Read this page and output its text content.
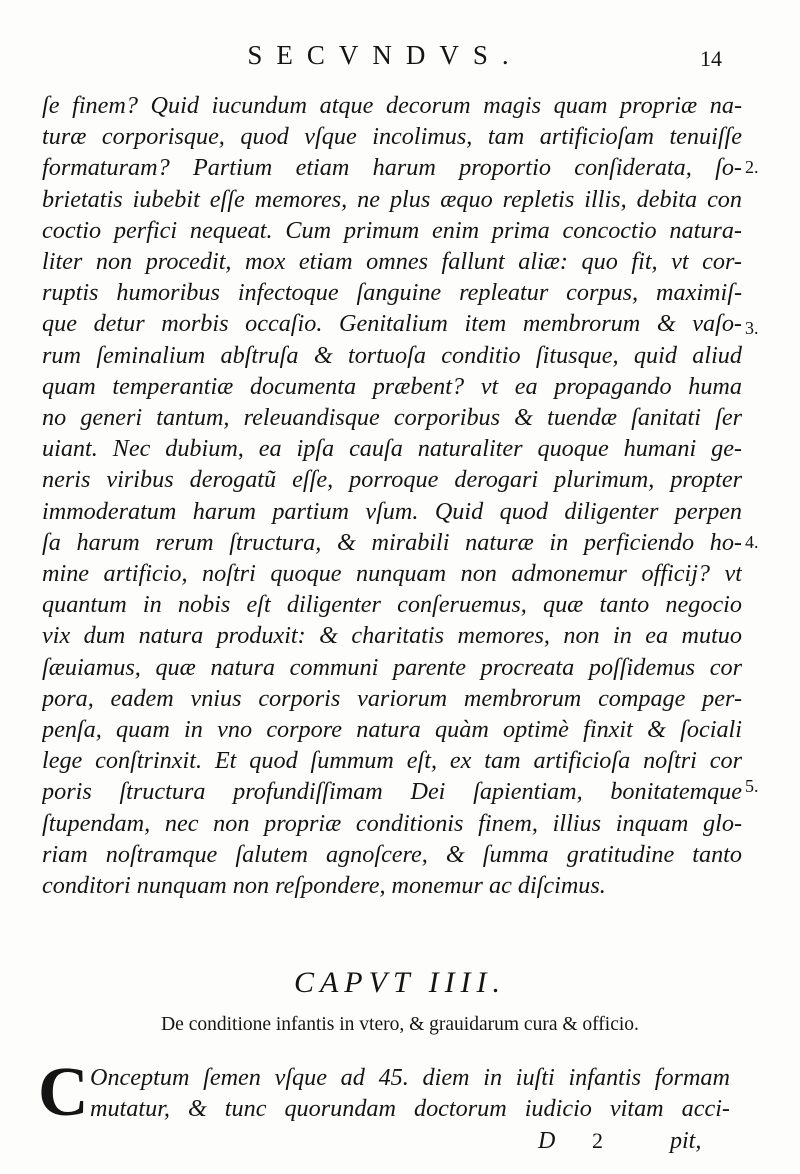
SECVNDVS.	14
ſe finem? Quid iucundum atque decorum magis quam propriæ na-
turæ corporisque, quod vſque incolimus, tam artificioſam tenuiſſe
formaturam? Partium etiam harum proportio conſiderata, ſo-
brietatis iubebit eſſe memores, ne plus æquo repletis illis, debita con
coctio perfici nequeat. Cum primum enim prima concoctio natura-
liter non procedit, mox etiam omnes fallunt aliæ: quo fit, vt cor-
ruptis humoribus infectoque ſanguine repleatur corpus, maximiſ-
que detur morbis occaſio. Genitalium item membrorum & vaſo-
rum ſeminalium abſtruſa & tortuoſa conditio ſitusque, quid aliud
quam temperantiæ documenta præbent? vt ea propagando huma
no generi tantum, releuandisque corporibus & tuendæ ſanitati ſer
uiant. Nec dubium, ea ipſa cauſa naturaliter quoque humani ge-
neris viribus derogatũ eſſe, porroque derogari plurimum, propter
immoderatum harum partium vſum. Quid quod diligenter perpen
ſa harum rerum ſtructura, & mirabili naturæ in perficiendo ho-
mine artificio, noſtri quoque nunquam non admonemur officij? vt
quantum in nobis eſt diligenter conſeruemus, quæ tanto negocio
vix dum natura produxit: & charitatis memores, non in ea mutuo
ſæuiamus, quæ natura communi parente procreata poſſidemus cor
pora, eadem vnius corporis variorum membrorum compage per-
penſa, quam in vno corpore natura quàm optimè finxit & ſociali
lege conſtrinxit. Et quod ſummum eſt, ex tam artificioſa noſtri cor
poris ſtructura profundiſſimam Dei ſapientiam, bonitatemque
ſtupendam, nec non propriæ conditionis finem, illius inquam glo-
riam noſtramque ſalutem agnoſcere, & ſumma gratitudine tanto
conditori nunquam non reſpondere, monemur ac diſcimus.
2.
3.
4.
5.
CAPVT IIII.
De conditione infantis in vtero, & grauidarum cura & officio.
C Onceptum ſemen vſque ad 45. diem in iuſti infantis formam
mutatur, & tunc quorundam doctorum iudicio vitam acci-
D 2	pit,
